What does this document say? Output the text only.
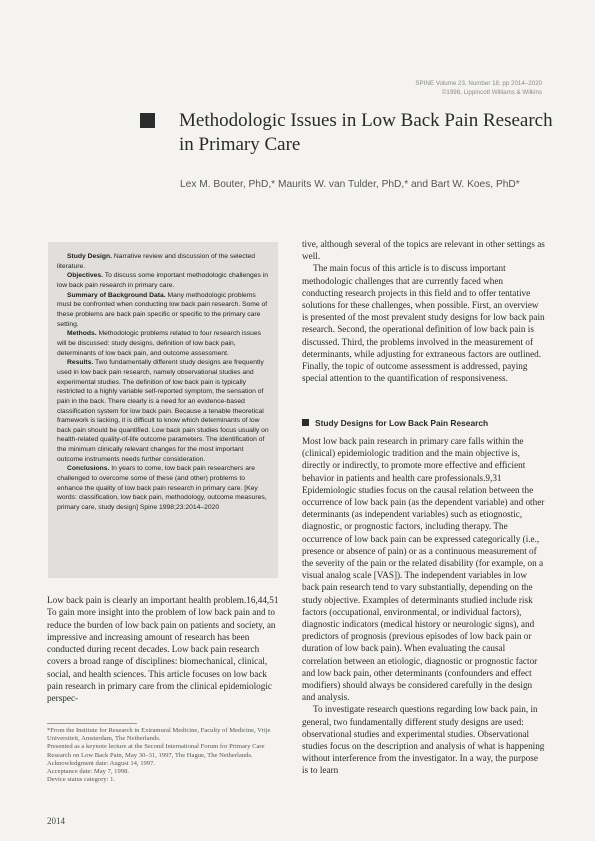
SPINE Volume 23, Number 18, pp 2014–2020
©1998, Lippincott Williams & Wilkins
Methodologic Issues in Low Back Pain Research in Primary Care
Lex M. Bouter, PhD,* Maurits W. van Tulder, PhD,* and Bart W. Koes, PhD*

Study Design. Narrative review and discussion of the selected literature.

Objectives. To discuss some important methodologic challenges in low back pain research in primary care.

Summary of Background Data. Many methodologic problems must be confronted when conducting low back pain research. Some of these problems are back pain specific or specific to the primary care setting.

Methods. Methodologic problems related to four research issues will be discussed: study designs, definition of low back pain, determinants of low back pain, and outcome assessment.

Results. Two fundamentally different study designs are frequently used in low back pain research, namely observational studies and experimental studies. The definition of low back pain is typically restricted to a highly variable self-reported symptom, the sensation of pain in the back. There clearly is a need for an evidence-based classification system for low back pain. Because a tenable theoretical framework is lacking, it is difficult to know which determinants of low back pain should be quantified. Low back pain studies focus usually on health-related quality-of-life outcome parameters. The identification of the minimum clinically relevant changes for the most important outcome instruments needs further consideration.

Conclusions. In years to come, low back pain researchers are challenged to overcome some of these (and other) problems to enhance the quality of low back pain research in primary care. [Key words: classification, low back pain, methodology, outcome measures, primary care, study design] Spine 1998;23:2014–2020

Low back pain is clearly an important health problem.16,44,51 To gain more insight into the problem of low back pain and to reduce the burden of low back pain on patients and society, an impressive and increasing amount of research has been conducted during recent decades. Low back pain research covers a broad range of disciplines: biomechanical, clinical, social, and health sciences. This article focuses on low back pain research in primary care from the clinical epidemiologic perspec-

tive, although several of the topics are relevant in other settings as well.

The main focus of this article is to discuss important methodologic challenges that are currently faced when conducting research projects in this field and to offer tentative solutions for these challenges, when possible. First, an overview is presented of the most prevalent study designs for low back pain research. Second, the operational definition of low back pain is discussed. Third, the problems involved in the measurement of determinants, while adjusting for extraneous factors are outlined. Finally, the topic of outcome assessment is addressed, paying special attention to the quantification of responsiveness.

Study Designs for Low Back Pain Research

Most low back pain research in primary care falls within the (clinical) epidemiologic tradition and the main objective is, directly or indirectly, to promote more effective and efficient behavior in patients and health care professionals.9,31 Epidemiologic studies focus on the causal relation between the occurrence of low back pain (as the dependent variable) and other determinants (as independent variables) such as etiognostic, diagnostic, or prognostic factors, including therapy. The occurrence of low back pain can be expressed categorically (i.e., presence or absence of pain) or as a continuous measurement of the severity of the pain or the related disability (for example, on a visual analog scale [VAS]). The independent variables in low back pain research tend to vary substantially, depending on the study objective. Examples of determinants studied include risk factors (occupational, environmental, or individual factors), diagnostic indicators (medical history or neurologic signs), and predictors of prognosis (previous episodes of low back pain or duration of low back pain). When evaluating the causal correlation between an etiologic, diagnostic or prognostic factor and low back pain, other determinants (confounders and effect modifiers) should always be considered carefully in the design and analysis.

To investigate research questions regarding low back pain, in general, two fundamentally different study designs are used: observational studies and experimental studies. Observational studies focus on the description and analysis of what is happening without interference from the investigator. In a way, the purpose is to learn

*From the Institute for Research in Extramural Medicine, Faculty of Medicine, Vrije Universiteit, Amsterdam, The Netherlands.
Presented as a keynote lecture at the Second International Forum for Primary Care Research on Low Back Pain, May 30–31, 1997, The Hague, The Netherlands.
Acknowledgment date: August 14, 1997.
Acceptance date: May 7, 1998.
Device status category: 1.
2014
